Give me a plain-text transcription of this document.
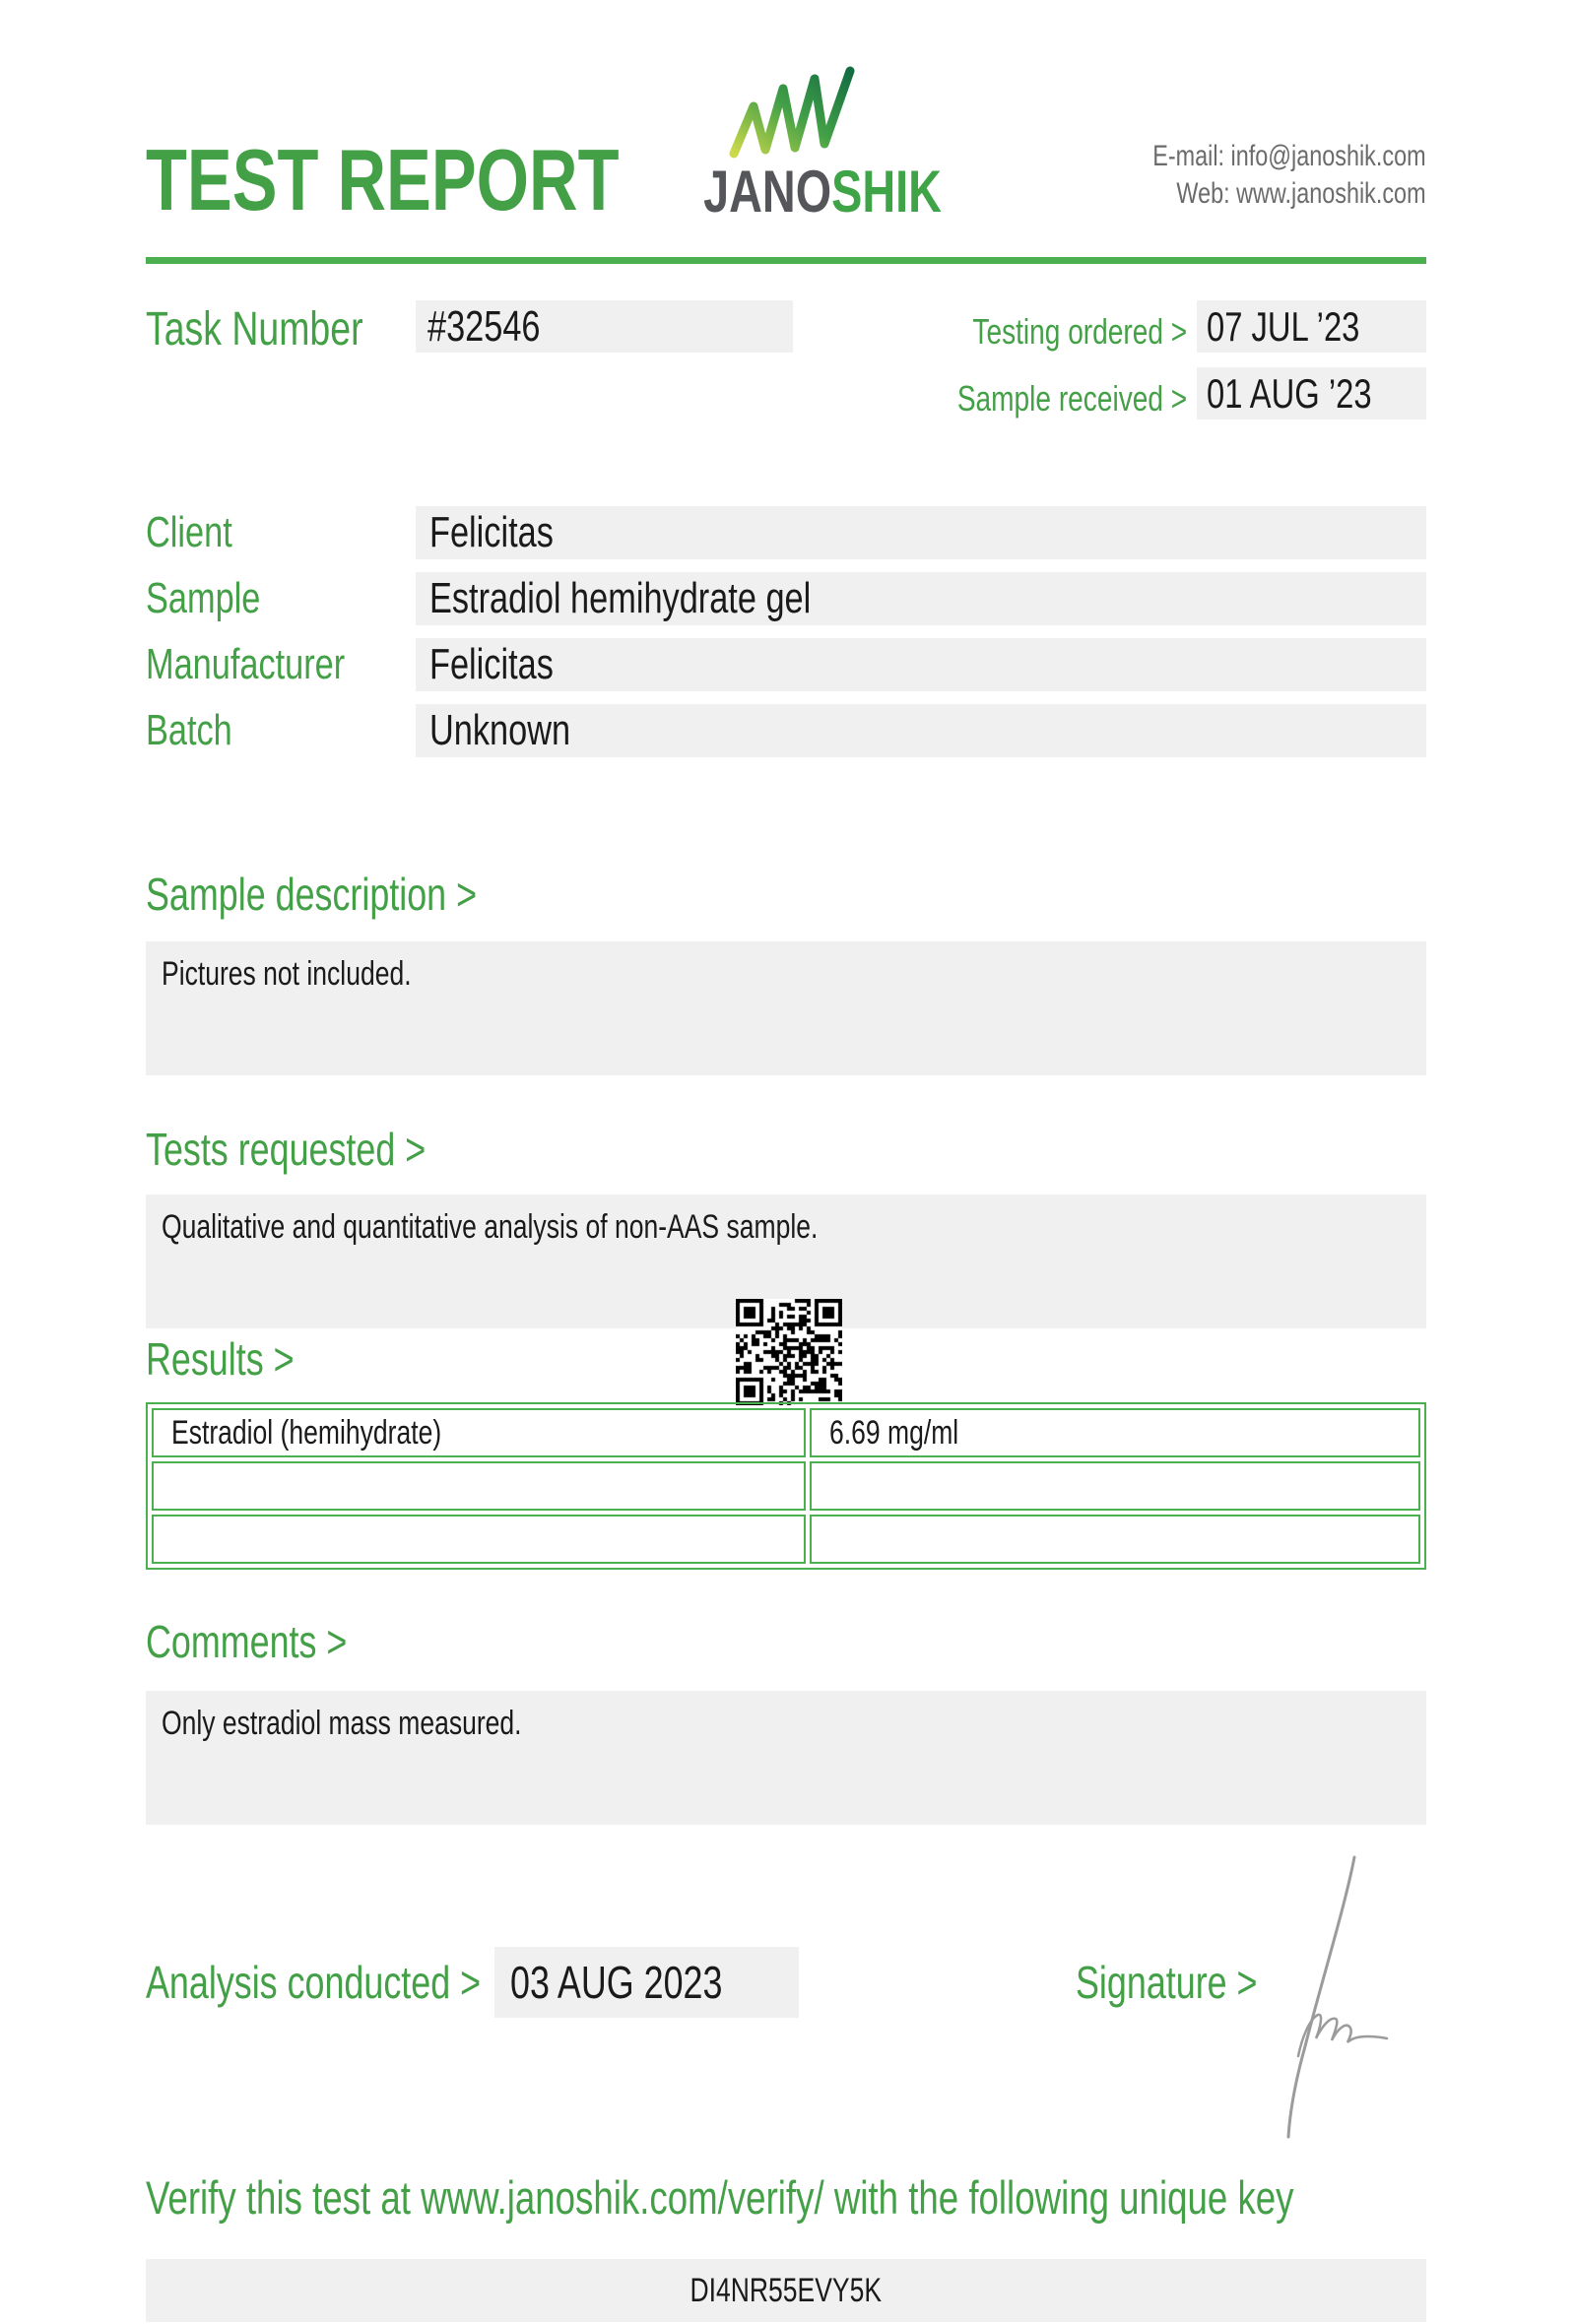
TEST REPORT	JANOSHIK
E-mail: info@janoshik.com
Web: www.janoshik.com
Task Number	#32546	Testing ordered > 07 JUL ’23
Sample received > 01 AUG ’23
Client	Felicitas
Sample	Estradiol hemihydrate gel
Manufacturer	Felicitas
Batch	Unknown
Sample description >
Pictures not included.
Tests requested >
Qualitative and quantitative analysis of non-AAS sample.
Results >
Estradiol (hemihydrate)	6.69 mg/ml

Comments >
Only estradiol mass measured.
Analysis conducted > 03 AUG 2023	Signature >
Verify this test at www.janoshik.com/verify/ with the following unique key
DI4NR55EVY5K
